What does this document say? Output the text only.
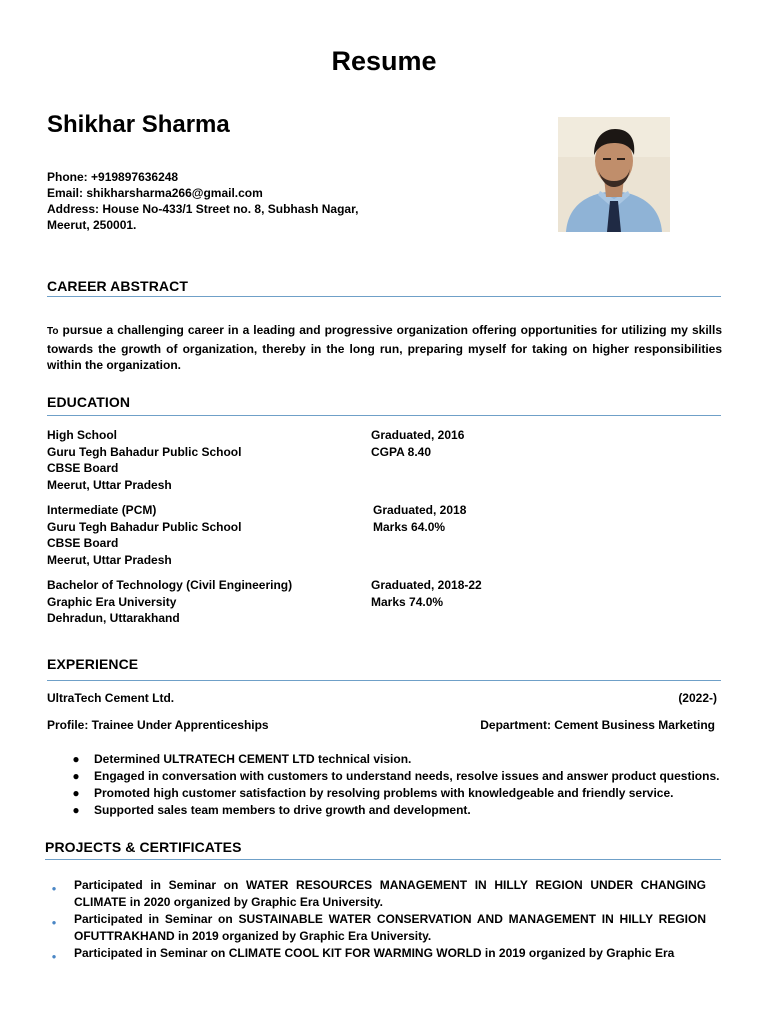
Resume
Shikhar Sharma
Phone: +919897636248
Email: shikharsharma266@gmail.com
Address: House No-433/1 Street no. 8, Subhash Nagar,
Meerut, 250001.
CAREER ABSTRACT
To pursue a challenging career in a leading and progressive organization offering opportunities for utilizing my skills towards the growth of organization, thereby in the long run, preparing myself for taking on higher responsibilities within the organization.
EDUCATION
High School
Guru Tegh Bahadur Public School
CBSE Board
Meerut, Uttar Pradesh
Graduated, 2016
CGPA 8.40
Intermediate (PCM)
Guru Tegh Bahadur Public School
CBSE Board
Meerut, Uttar Pradesh
Graduated, 2018
Marks 64.0%
Bachelor of Technology (Civil Engineering)
Graphic Era University
Dehradun, Uttarakhand
Graduated, 2018-22
Marks 74.0%
EXPERIENCE
UltraTech Cement Ltd.	(2022-)
Profile: Trainee Under Apprenticeships	Department: Cement Business Marketing
● Determined ULTRATECH CEMENT LTD technical vision.
● Engaged in conversation with customers to understand needs, resolve issues and answer product questions.
● Promoted high customer satisfaction by resolving problems with knowledgeable and friendly service.
● Supported sales team members to drive growth and development.
PROJECTS & CERTIFICATES
● Participated in Seminar on WATER RESOURCES MANAGEMENT IN HILLY REGION UNDER CHANGING CLIMATE in 2020 organized by Graphic Era University.
● Participated in Seminar on SUSTAINABLE WATER CONSERVATION AND MANAGEMENT IN HILLY REGION OFUTTRAKHAND in 2019 organized by Graphic Era University.
● Participated in Seminar on CLIMATE COOL KIT FOR WARMING WORLD in 2019 organized by Graphic Era
